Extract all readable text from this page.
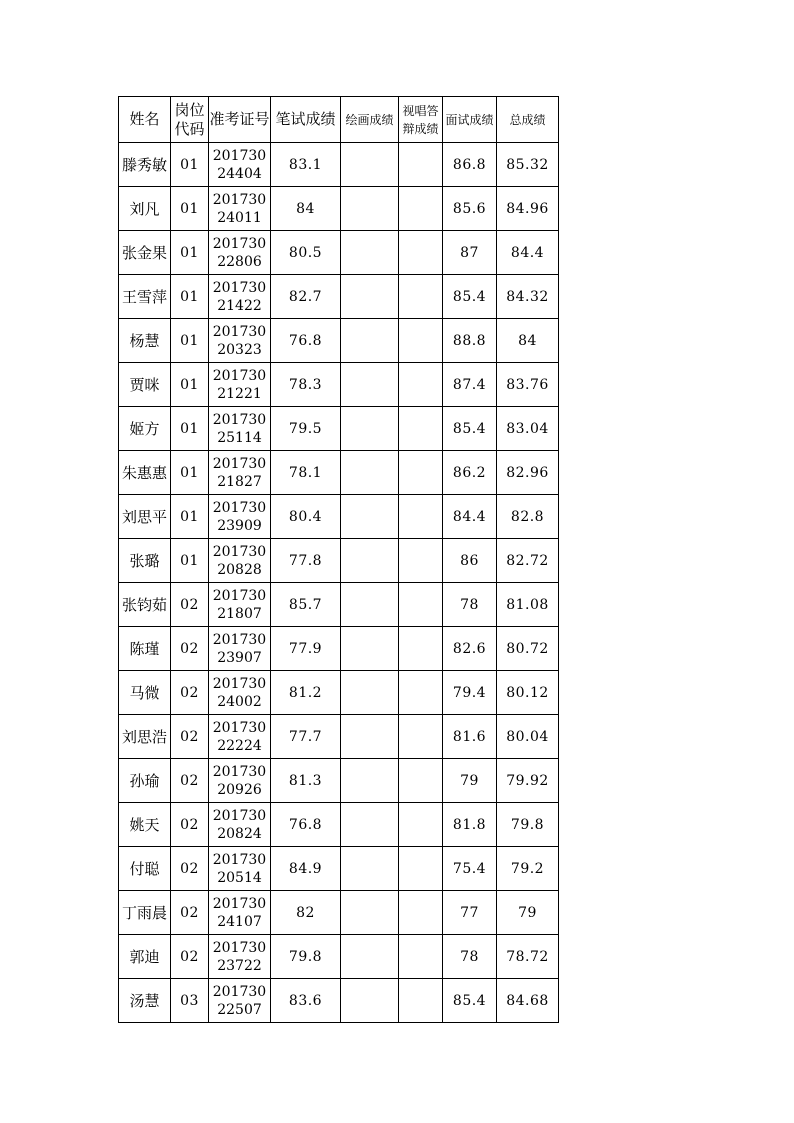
姓名	岗位代码	准考证号	笔试成绩	绘画成绩	视唱答辩成绩	面试成绩	总成绩
滕秀敏	01	20173024404	83.1			86.8	85.32
刘凡	01	20173024011	84			85.6	84.96
张金果	01	20173022806	80.5			87	84.4
王雪萍	01	20173021422	82.7			85.4	84.32
杨慧	01	20173020323	76.8			88.8	84
贾咪	01	20173021221	78.3			87.4	83.76
姬方	01	20173025114	79.5			85.4	83.04
朱惠惠	01	20173021827	78.1			86.2	82.96
刘思平	01	20173023909	80.4			84.4	82.8
张璐	01	20173020828	77.8			86	82.72
张钧茹	02	20173021807	85.7			78	81.08
陈瑾	02	20173023907	77.9			82.6	80.72
马微	02	20173024002	81.2			79.4	80.12
刘思浩	02	20173022224	77.7			81.6	80.04
孙瑜	02	20173020926	81.3			79	79.92
姚天	02	20173020824	76.8			81.8	79.8
付聪	02	20173020514	84.9			75.4	79.2
丁雨晨	02	20173024107	82			77	79
郭迪	02	20173023722	79.8			78	78.72
汤慧	03	20173022507	83.6			85.4	84.68
